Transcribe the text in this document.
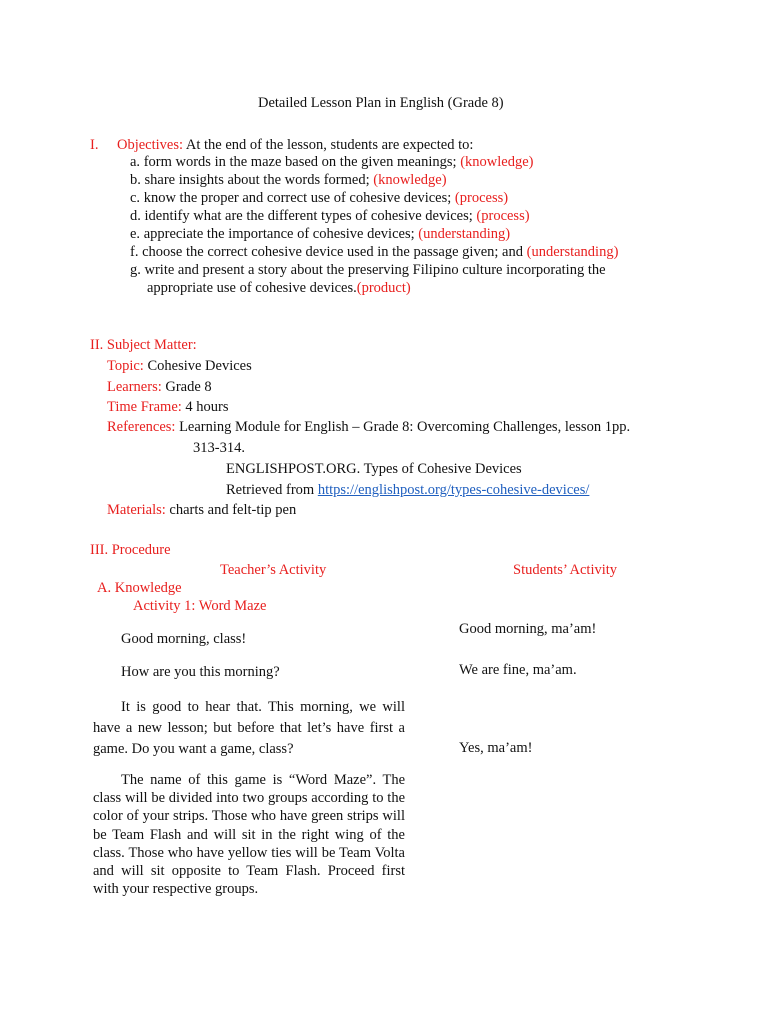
Detailed Lesson Plan in English (Grade 8)
I. Objectives: At the end of the lesson, students are expected to:
a. form words in the maze based on the given meanings; (knowledge)
b. share insights about the words formed; (knowledge)
c. know the proper and correct use of cohesive devices; (process)
d. identify what are the different types of cohesive devices; (process)
e. appreciate the importance of cohesive devices; (understanding)
f. choose the correct cohesive device used in the passage given; and (understanding)
g. write and present a story about the preserving Filipino culture incorporating the
appropriate use of cohesive devices.(product)
II. Subject Matter:
Topic: Cohesive Devices
Learners: Grade 8
Time Frame: 4 hours
References: Learning Module for English – Grade 8: Overcoming Challenges, lesson 1pp.
313-314.
ENGLISHPOST.ORG. Types of Cohesive Devices
Retrieved from https://englishpost.org/types-cohesive-devices/
Materials: charts and felt-tip pen
III. Procedure
Teacher’s Activity	Students’ Activity
A. Knowledge
Activity 1: Word Maze
Good morning, class!
How are you this morning?
It is good to hear that. This morning, we will have a new lesson; but before that let’s have first a game. Do you want a game, class?
The name of this game is “Word Maze”. The class will be divided into two groups according to the color of your strips. Those who have green strips will be Team Flash and will sit in the right wing of the class. Those who have yellow ties will be Team Volta and will sit opposite to Team Flash. Proceed first with your respective groups.
Good morning, ma’am!
We are fine, ma’am.
Yes, ma’am!
